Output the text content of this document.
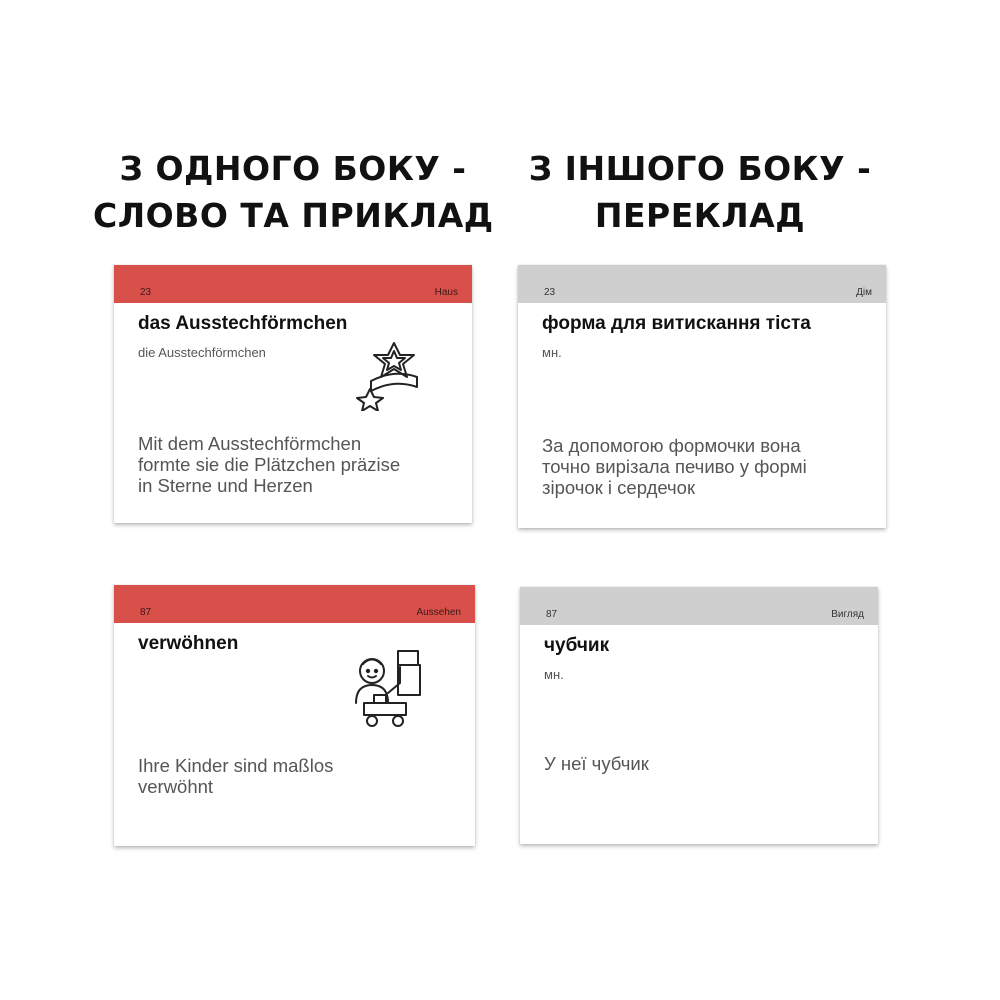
З ОДНОГО БОКУ -
СЛОВО ТА ПРИКЛАД
З ІНШОГО БОКУ -
ПЕРЕКЛАД
23	Haus
das Ausstechförmchen
die Ausstechförmchen
Mit dem Ausstechförmchen
formte sie die Plätzchen präzise
in Sterne und Herzen
23	Дім
форма для витискання тіста
мн.
За допомогою формочки вона
точно вирізала печиво у формі
зірочок і сердечок
87	Aussehen
verwöhnen
Ihre Kinder sind maßlos
verwöhnt
87	Вигляд
чубчик
мн.
У неї чубчик
